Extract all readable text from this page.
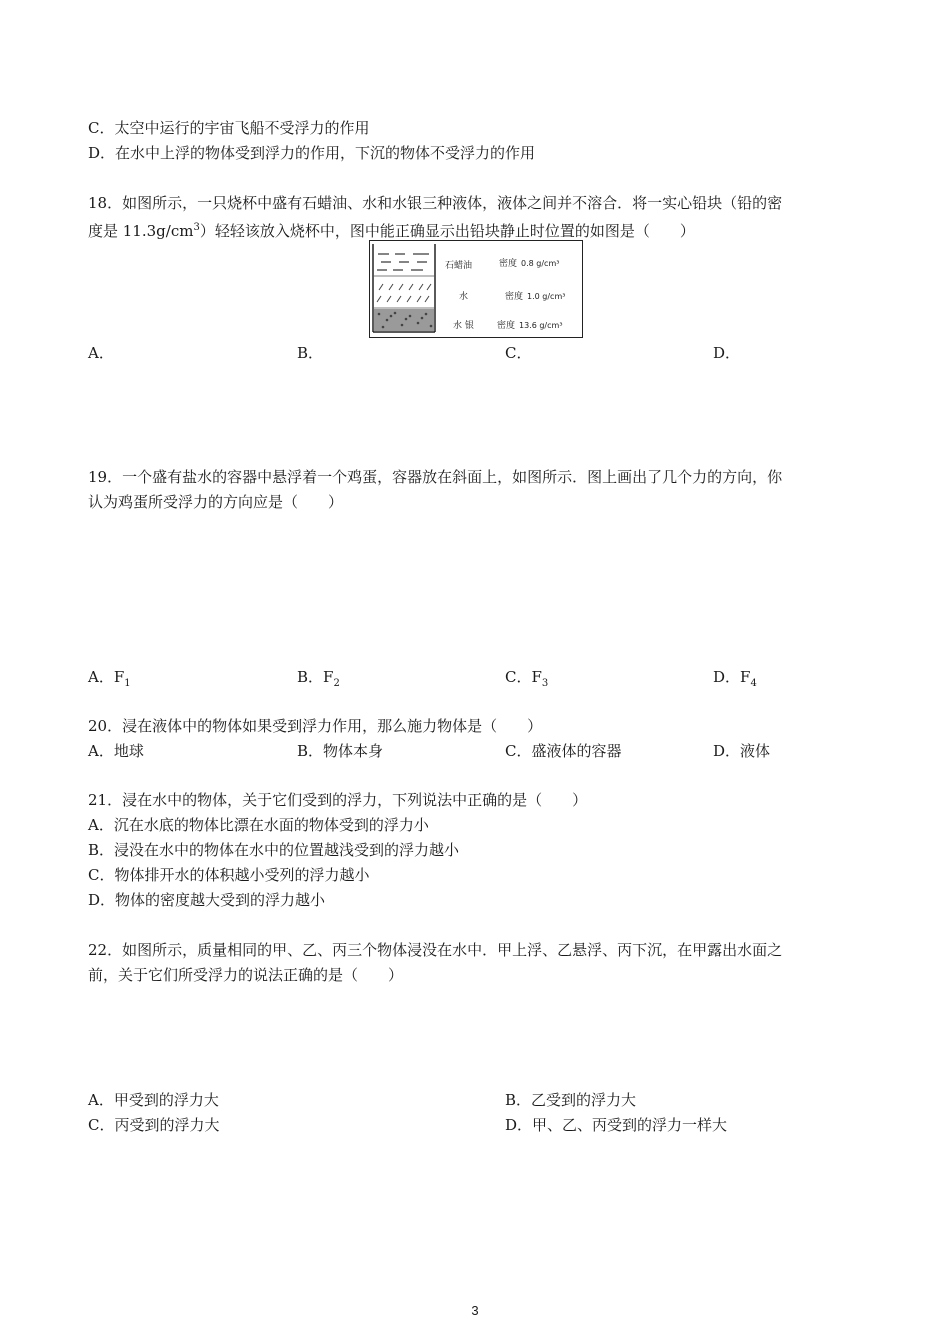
C．太空中运行的宇宙飞船不受浮力的作用
D．在水中上浮的物体受到浮力的作用，下沉的物体不受浮力的作用
18．如图所示，一只烧杯中盛有石蜡油、水和水银三种液体，液体之间并不溶合．将一实心铅块（铅的密
度是 $11.3g/cm^3$）轻轻该放入烧杯中，图中能正确显示出铅块静止时位置的如图是（　　）
石蜡油	密度 0.8 g/cm³
水	密度 1.0 g/cm³
水 银	密度 13.6 g/cm³
A．	B．	C．	D．
19．一个盛有盐水的容器中悬浮着一个鸡蛋，容器放在斜面上，如图所示．图上画出了几个力的方向，你
认为鸡蛋所受浮力的方向应是（　　）
A．$F_1$	B．$F_2$	C．$F_3$	D．$F_4$
20．浸在液体中的物体如果受到浮力作用，那么施力物体是（　　）
A．地球	B．物体本身	C．盛液体的容器	D．液体
21．浸在水中的物体，关于它们受到的浮力，下列说法中正确的是（　　）
A．沉在水底的物体比漂在水面的物体受到的浮力小
B．浸没在水中的物体在水中的位置越浅受到的浮力越小
C．物体排开水的体积越小受列的浮力越小
D．物体的密度越大受到的浮力越小
22．如图所示，质量相同的甲、乙、丙三个物体浸没在水中．甲上浮、乙悬浮、丙下沉，在甲露出水面之
前，关于它们所受浮力的说法正确的是（　　）
A．甲受到的浮力大	B．乙受到的浮力大
C．丙受到的浮力大	D．甲、乙、丙受到的浮力一样大
3
